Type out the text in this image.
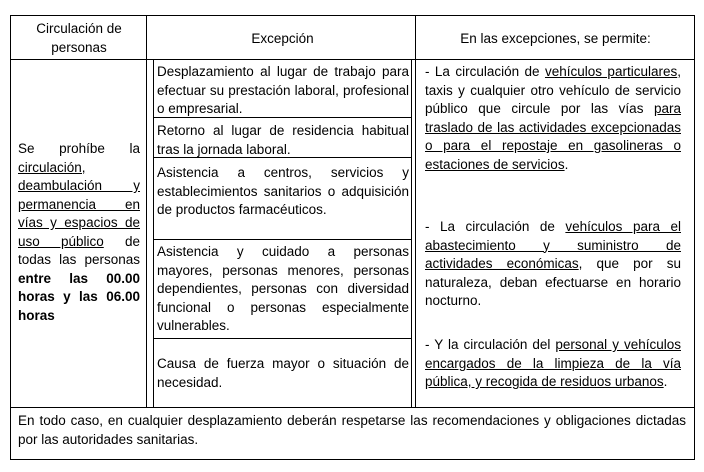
Circulación de personas
Excepción	En las excepciones, se permite:
Se prohíbe la circulación, deambulación y permanencia en vías y espacios de uso público de todas las personas entre las 00.00 horas y las 06.00 horas
Desplazamiento al lugar de trabajo para efectuar su prestación laboral, profesional o empresarial.
Retorno al lugar de residencia habitual tras la jornada laboral.
Asistencia a centros, servicios y establecimientos sanitarios o adquisición de productos farmacéuticos.
Asistencia y cuidado a personas mayores, personas menores, personas dependientes, personas con diversidad funcional o personas especialmente vulnerables.
Causa de fuerza mayor o situación de necesidad.
- La circulación de vehículos particulares, taxis y cualquier otro vehículo de servicio público que circule por las vías para traslado de las actividades excepcionadas o para el repostaje en gasolineras o estaciones de servicios.
- La circulación de vehículos para el abastecimiento y suministro de actividades económicas, que por su naturaleza, deban efectuarse en horario nocturno.
- Y la circulación del personal y vehículos encargados de la limpieza de la vía pública, y recogida de residuos urbanos.
En todo caso, en cualquier desplazamiento deberán respetarse las recomendaciones y obligaciones dictadas por las autoridades sanitarias.
